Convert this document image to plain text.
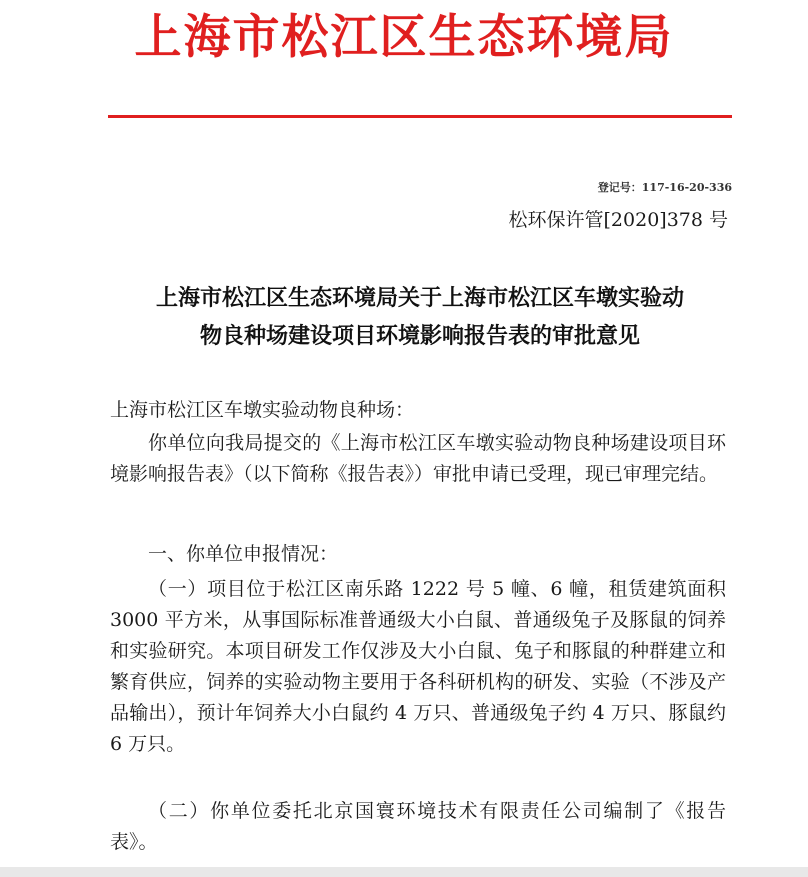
上海市松江区生态环境局
登记号：117-16-20-336
松环保许管[2020]378 号
上海市松江区生态环境局关于上海市松江区车墩实验动
物良种场建设项目环境影响报告表的审批意见

上海市松江区车墩实验动物良种场：

你单位向我局提交的《上海市松江区车墩实验动物良种场建设项目环境影响报告表》（以下简称《报告表》）审批申请已受理，现已审理完结。

一、你单位申报情况：

（一）项目位于松江区南乐路 1222 号 5 幢、6 幢，租赁建筑面积 3000 平方米，从事国际标准普通级大小白鼠、普通级兔子及豚鼠的饲养和实验研究。本项目研发工作仅涉及大小白鼠、兔子和豚鼠的种群建立和繁育供应，饲养的实验动物主要用于各科研机构的研发、实验（不涉及产品输出），预计年饲养大小白鼠约 4 万只、普通级兔子约 4 万只、豚鼠约 6 万只。

（二）你单位委托北京国寰环境技术有限责任公司编制了《报告表》。
